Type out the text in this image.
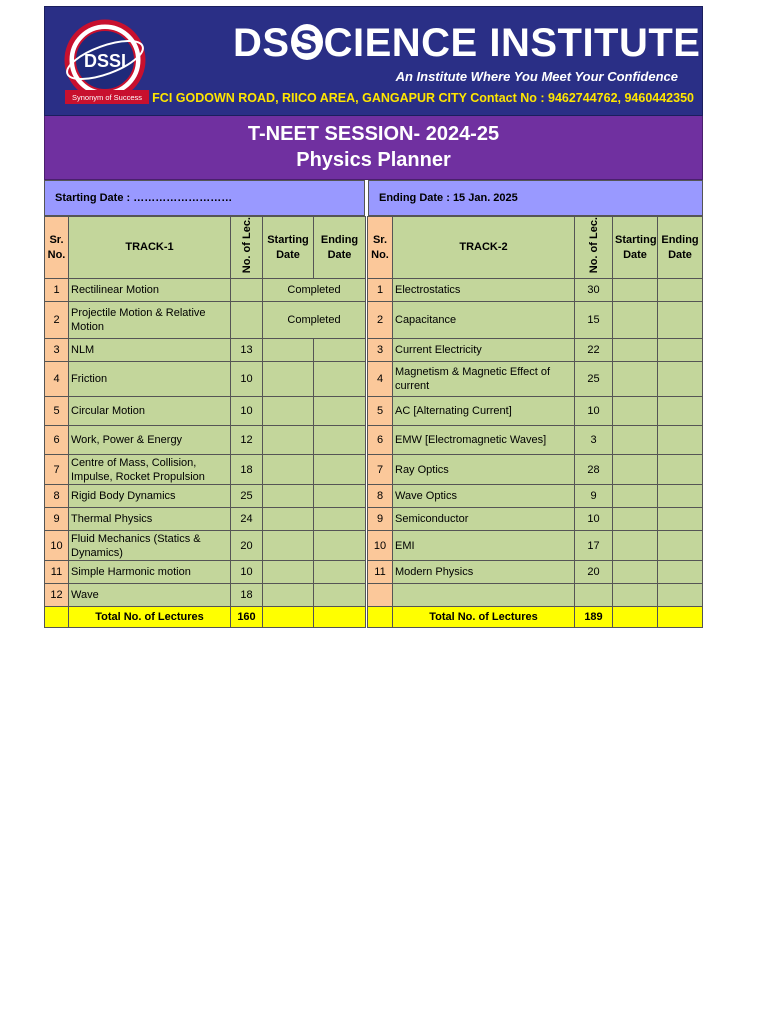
DSSI
Synonym of Success
DS S CIENCE INSTITUTE
An Institute Where You Meet Your Confidence
FCI GODOWN ROAD, RIICO AREA, GANGAPUR CITY Contact No : 9462744762, 9460442350
T-NEET SESSION- 2024-25
Physics Planner
Starting Date : ………………………	Ending Date : 15 Jan. 2025
Sr. No.	TRACK-1	No. of Lec.	Starting Date	Ending Date
1	Rectilinear Motion		Completed	
2	Projectile Motion & Relative Motion		Completed	
3	NLM	13		
4	Friction	10		
5	Circular Motion	10		
6	Work, Power & Energy	12		
7	Centre of Mass, Collision, Impulse, Rocket Propulsion	18		
8	Rigid Body Dynamics	25		
9	Thermal Physics	24		
10	Fluid Mechanics (Statics & Dynamics)	20		
11	Simple Harmonic motion	10		
12	Wave	18		
	Total No. of Lectures	160		
Sr. No.	TRACK-2	No. of Lec.	Starting Date	Ending Date
1	Electrostatics	30		
2	Capacitance	15		
3	Current Electricity	22		
4	Magnetism & Magnetic Effect of current	25		
5	AC [Alternating Current]	10		
6	EMW [Electromagnetic Waves]	3		
7	Ray Optics	28		
8	Wave Optics	9		
9	Semiconductor	10		
10	EMI	17		
11	Modern Physics	20		

	Total No. of Lectures	189		
